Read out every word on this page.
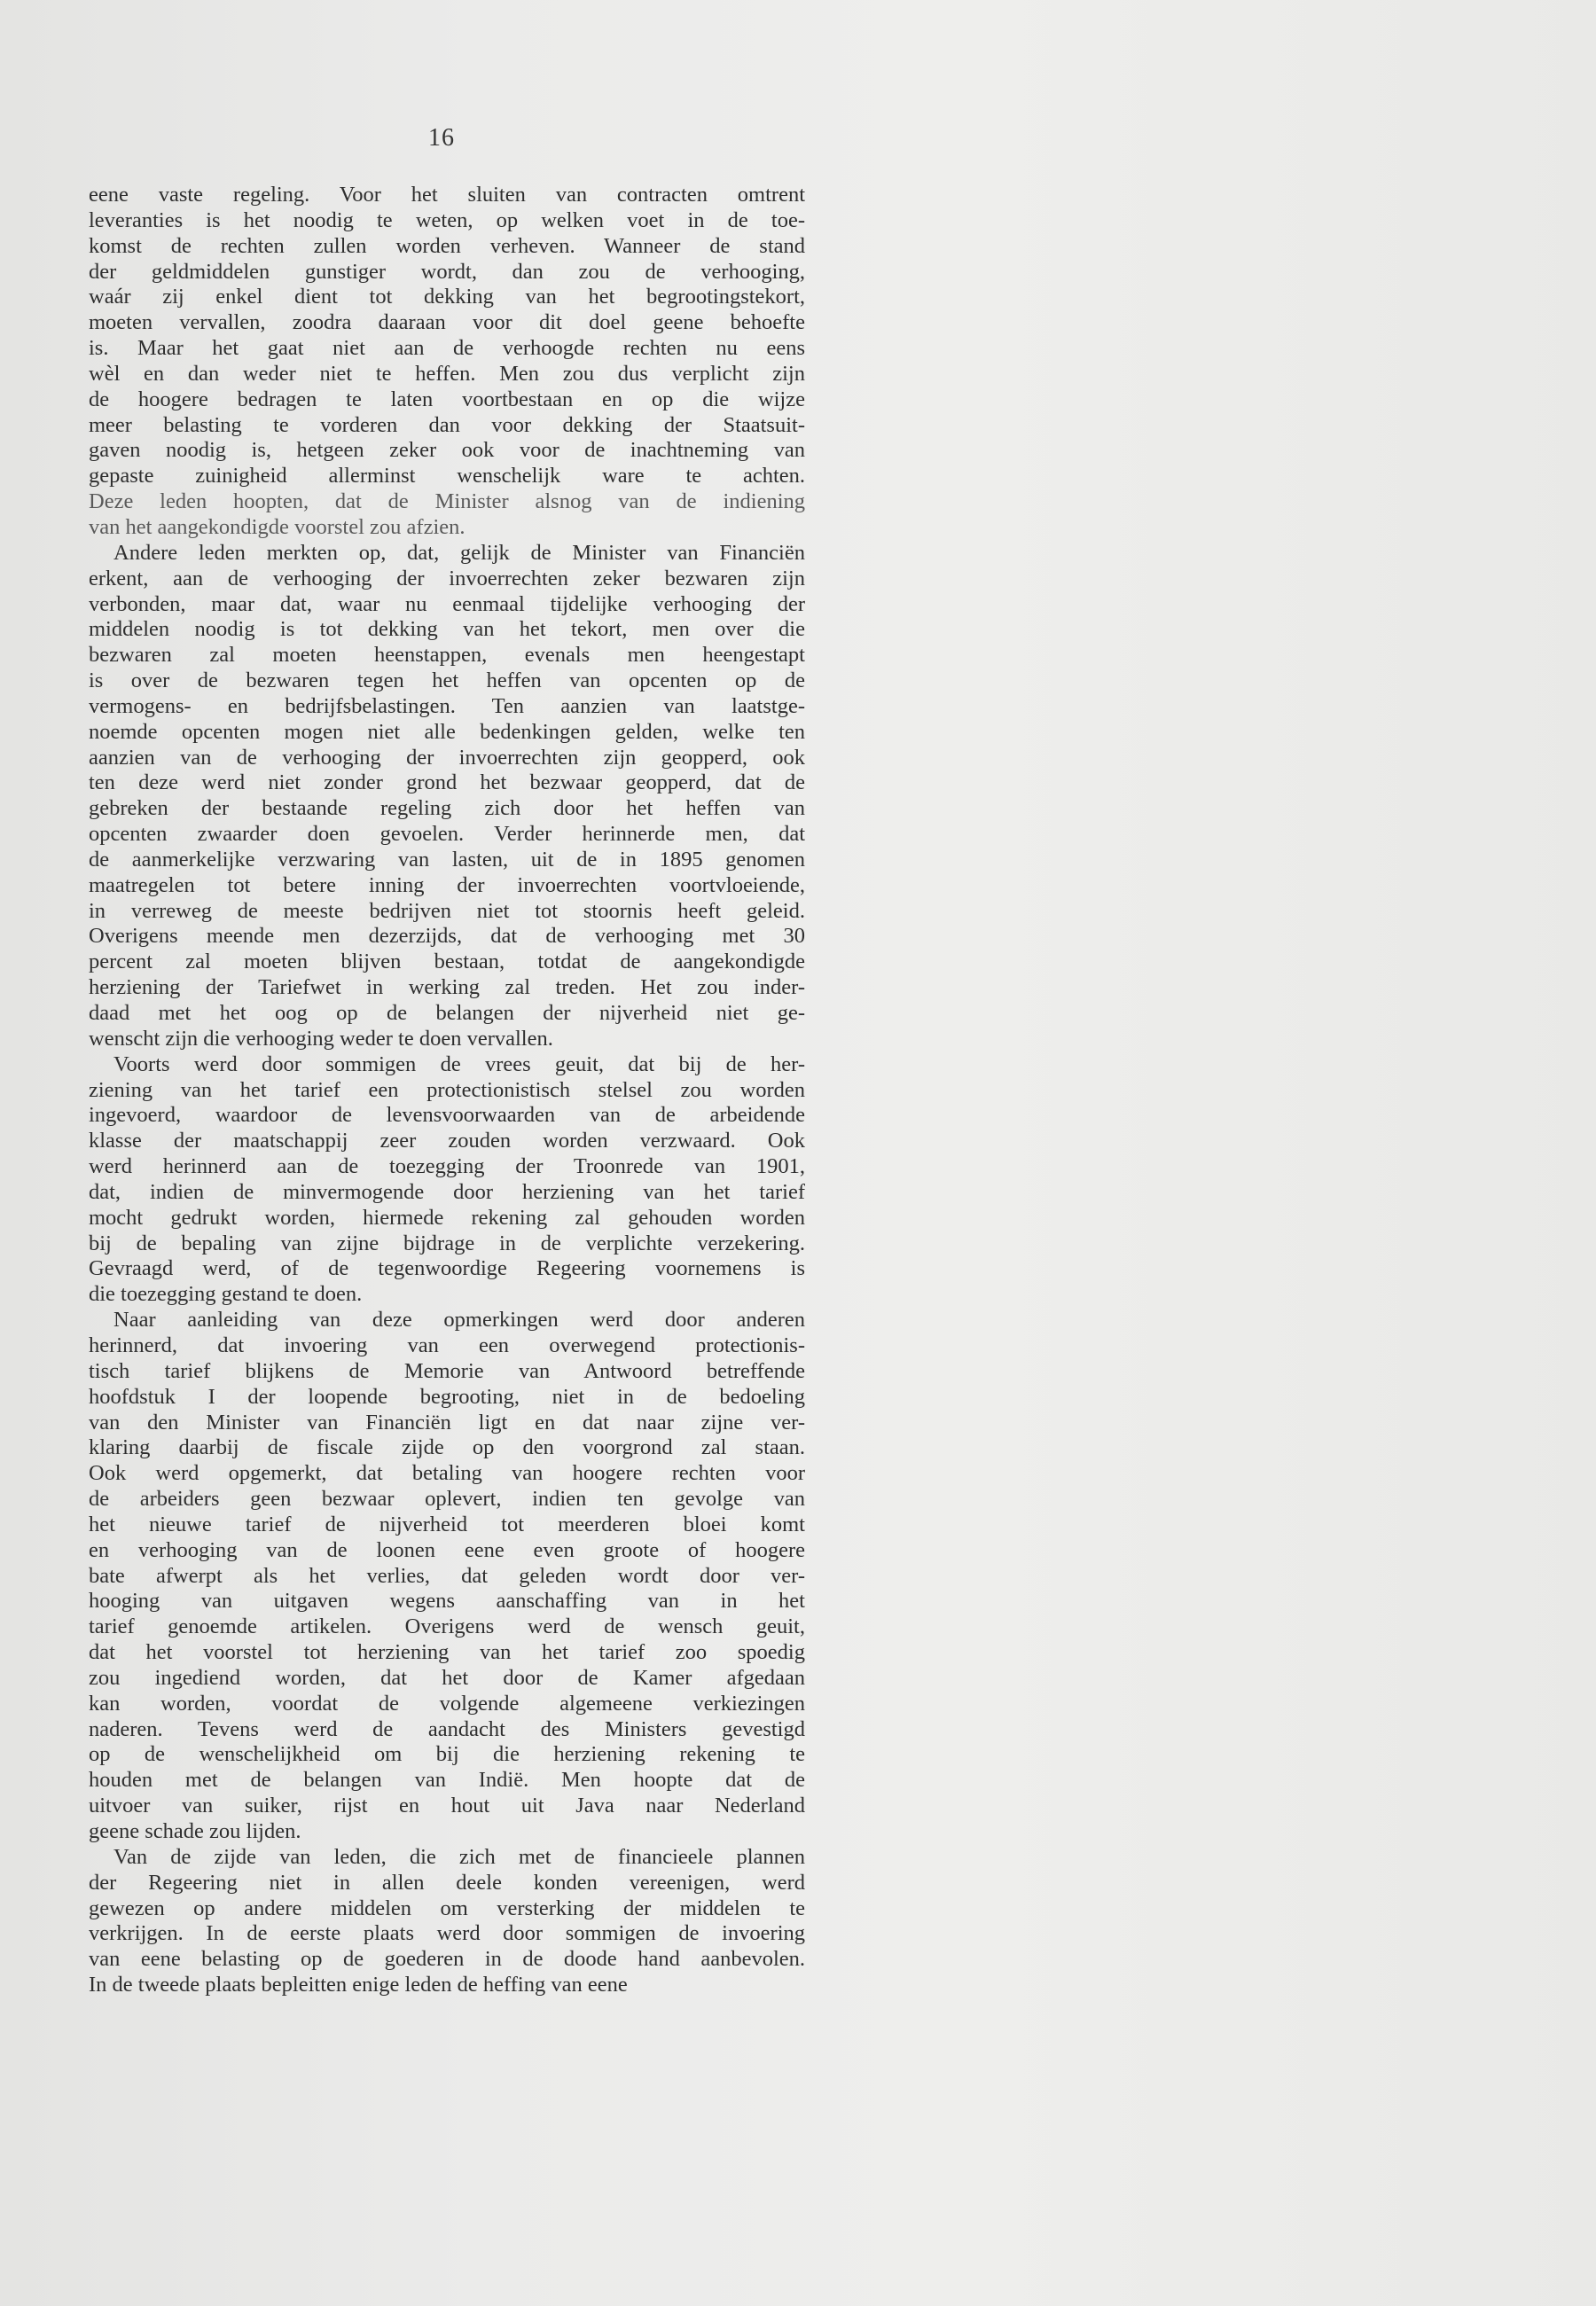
16
eene vaste regeling. Voor het sluiten van contracten omtrent
leveranties is het noodig te weten, op welken voet in de toe-
komst de rechten zullen worden verheven. Wanneer de stand
der geldmiddelen gunstiger wordt, dan zou de verhooging,
waár zij enkel dient tot dekking van het begrootingstekort,
moeten vervallen, zoodra daaraan voor dit doel geene behoefte
is. Maar het gaat niet aan de verhoogde rechten nu eens
wèl en dan weder niet te heffen. Men zou dus verplicht zijn
de hoogere bedragen te laten voortbestaan en op die wijze
meer belasting te vorderen dan voor dekking der Staatsuit-
gaven noodig is, hetgeen zeker ook voor de inachtneming van
gepaste zuinigheid allerminst wenschelijk ware te achten.
Deze leden hoopten, dat de Minister alsnog van de indiening
van het aangekondigde voorstel zou afzien.
Andere leden merkten op, dat, gelijk de Minister van Financiën
erkent, aan de verhooging der invoerrechten zeker bezwaren zijn
verbonden, maar dat, waar nu eenmaal tijdelijke verhooging der
middelen noodig is tot dekking van het tekort, men over die
bezwaren zal moeten heenstappen, evenals men heengestapt
is over de bezwaren tegen het heffen van opcenten op de
vermogens- en bedrijfsbelastingen. Ten aanzien van laatstge-
noemde opcenten mogen niet alle bedenkingen gelden, welke ten
aanzien van de verhooging der invoerrechten zijn geopperd, ook
ten deze werd niet zonder grond het bezwaar geopperd, dat de
gebreken der bestaande regeling zich door het heffen van
opcenten zwaarder doen gevoelen. Verder herinnerde men, dat
de aanmerkelijke verzwaring van lasten, uit de in 1895 genomen
maatregelen tot betere inning der invoerrechten voortvloeiende,
in verreweg de meeste bedrijven niet tot stoornis heeft geleid.
Overigens meende men dezerzijds, dat de verhooging met 30
percent zal moeten blijven bestaan, totdat de aangekondigde
herziening der Tariefwet in werking zal treden. Het zou inder-
daad met het oog op de belangen der nijverheid niet ge-
wenscht zijn die verhooging weder te doen vervallen.
Voorts werd door sommigen de vrees geuit, dat bij de her-
ziening van het tarief een protectionistisch stelsel zou worden
ingevoerd, waardoor de levensvoorwaarden van de arbeidende
klasse der maatschappij zeer zouden worden verzwaard. Ook
werd herinnerd aan de toezegging der Troonrede van 1901,
dat, indien de minvermogende door herziening van het tarief
mocht gedrukt worden, hiermede rekening zal gehouden worden
bij de bepaling van zijne bijdrage in de verplichte verzekering.
Gevraagd werd, of de tegenwoordige Regeering voornemens is
die toezegging gestand te doen.
Naar aanleiding van deze opmerkingen werd door anderen
herinnerd, dat invoering van een overwegend protectionis-
tisch tarief blijkens de Memorie van Antwoord betreffende
hoofdstuk I der loopende begrooting, niet in de bedoeling
van den Minister van Financiën ligt en dat naar zijne ver-
klaring daarbij de fiscale zijde op den voorgrond zal staan.
Ook werd opgemerkt, dat betaling van hoogere rechten voor
de arbeiders geen bezwaar oplevert, indien ten gevolge van
het nieuwe tarief de nijverheid tot meerderen bloei komt
en verhooging van de loonen eene even groote of hoogere
bate afwerpt als het verlies, dat geleden wordt door ver-
hooging van uitgaven wegens aanschaffing van in het
tarief genoemde artikelen. Overigens werd de wensch geuit,
dat het voorstel tot herziening van het tarief zoo spoedig
zou ingediend worden, dat het door de Kamer afgedaan
kan worden, voordat de volgende algemeene verkiezingen
naderen. Tevens werd de aandacht des Ministers gevestigd
op de wenschelijkheid om bij die herziening rekening te
houden met de belangen van Indië. Men hoopte dat de
uitvoer van suiker, rijst en hout uit Java naar Nederland
geene schade zou lijden.
Van de zijde van leden, die zich met de financieele plannen
der Regeering niet in allen deele konden vereenigen, werd
gewezen op andere middelen om versterking der middelen te
verkrijgen. In de eerste plaats werd door sommigen de invoering
van eene belasting op de goederen in de doode hand aanbevolen.
In de tweede plaats bepleitten enige leden de heffing van eene
